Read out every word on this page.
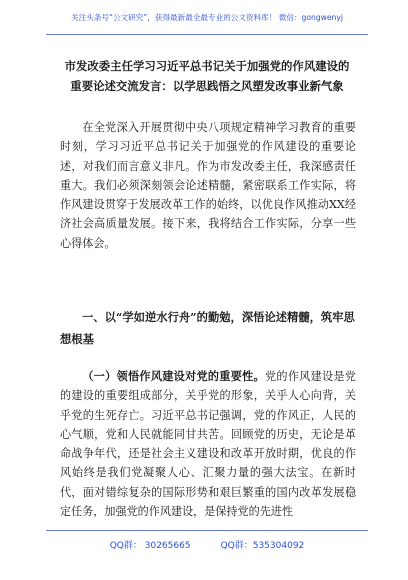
关注头条号“公文研究”，获得最新最全最专业的公文资料库！ 微信：gongwenyj
市发改委主任学习习近平总书记关于加强党的作风建设的
重要论述交流发言：以学思践悟之风塑发改事业新气象

在全党深入开展贯彻中央八项规定精神学习教育的重要时刻，学习习近平总书记关于加强党的作风建设的重要论述，对我们而言意义非凡。作为市发改委主任，我深感责任重大。我们必须深刻领会论述精髓，紧密联系工作实际，将作风建设贯穿于发展改革工作的始终，以优良作风推动XX经济社会高质量发展。接下来，我将结合工作实际，分享一些心得体会。

一、以“学如逆水行舟”的勤勉，深悟论述精髓，筑牢思想根基

（一）领悟作风建设对党的重要性。党的作风建设是党的建设的重要组成部分，关乎党的形象，关乎人心向背，关乎党的生死存亡。习近平总书记强调，党的作风正，人民的心气顺，党和人民就能同甘共苦。回顾党的历史，无论是革命战争年代，还是社会主义建设和改革开放时期，优良的作风始终是我们党凝聚人心、汇聚力量的强大法宝。在新时代，面对错综复杂的国际形势和艰巨繁重的国内改革发展稳定任务，加强党的作风建设，是保持党的先进性

QQ群： 30265665	QQ群：535304092
